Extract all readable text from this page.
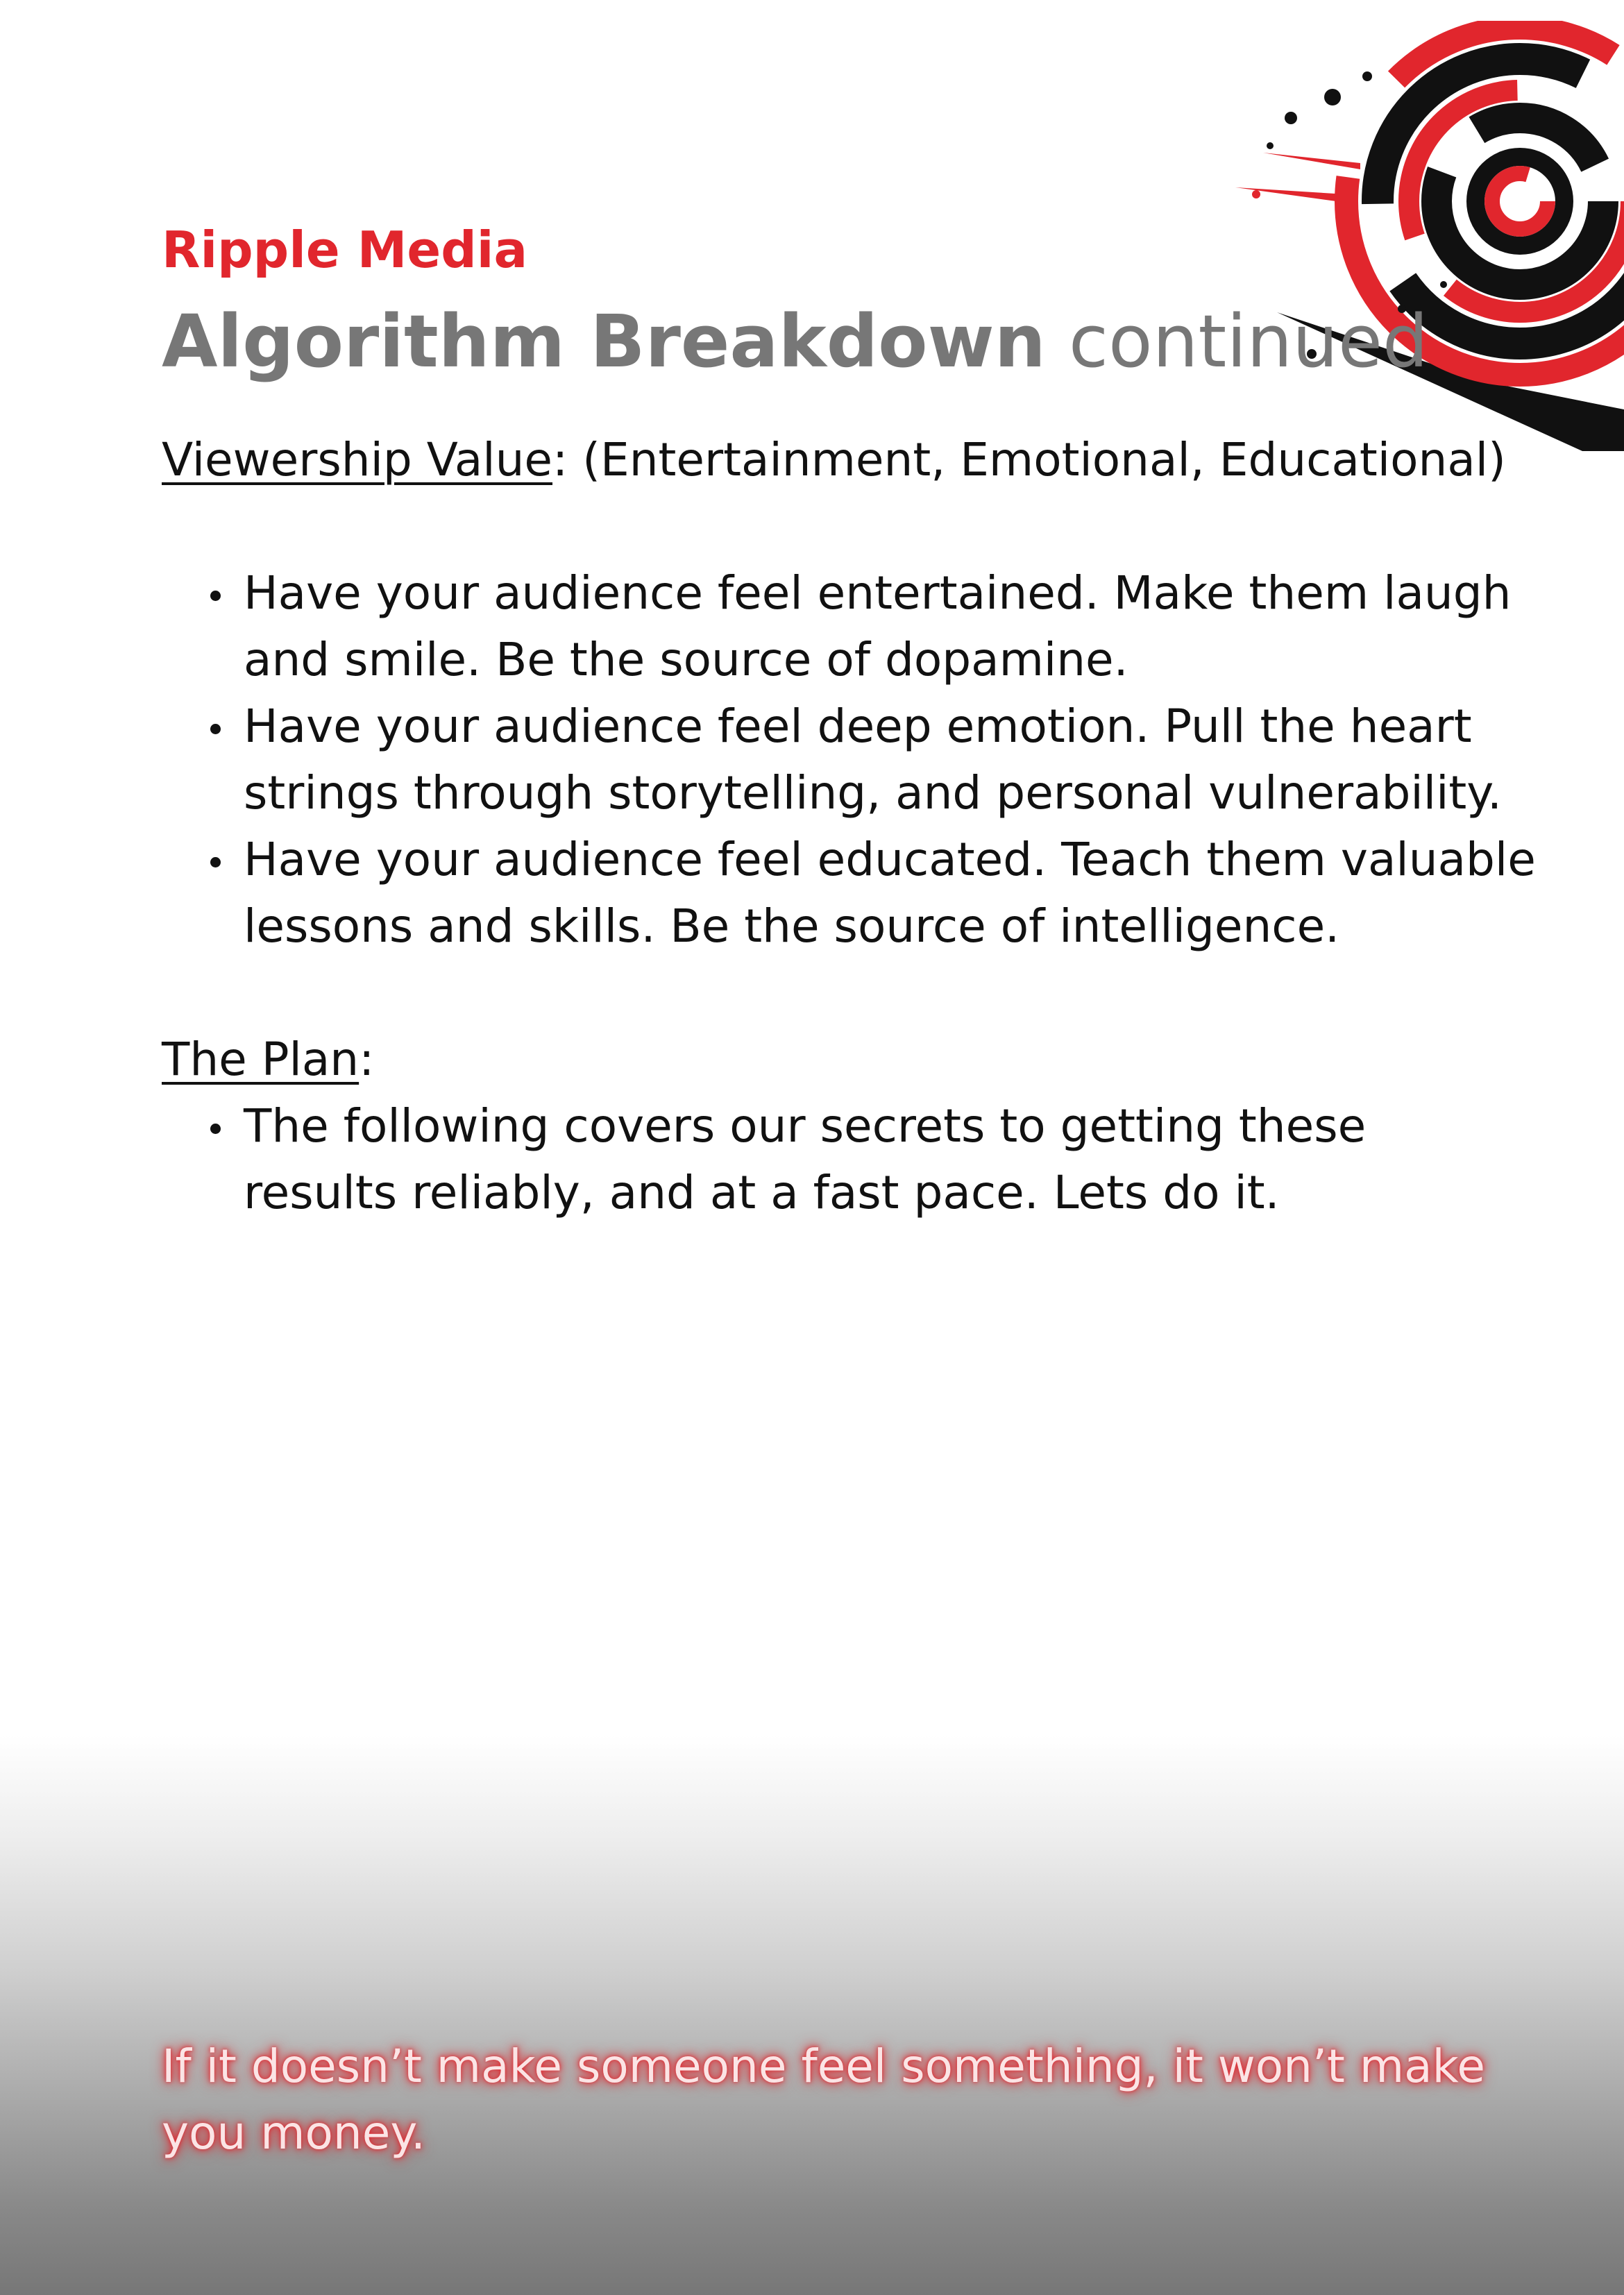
Ripple Media
Algorithm Breakdown continued

Viewership Value: (Entertainment, Emotional, Educational)

Have your audience feel entertained. Make them laugh
and smile. Be the source of dopamine.
Have your audience feel deep emotion. Pull the heart
strings through storytelling, and personal vulnerability.
Have your audience feel educated. Teach them valuable
lessons and skills. Be the source of intelligence.

The Plan:

The following covers our secrets to getting these
results reliably, and at a fast pace. Lets do it.
If it doesn’t make someone feel something, it won’t make
you money.
